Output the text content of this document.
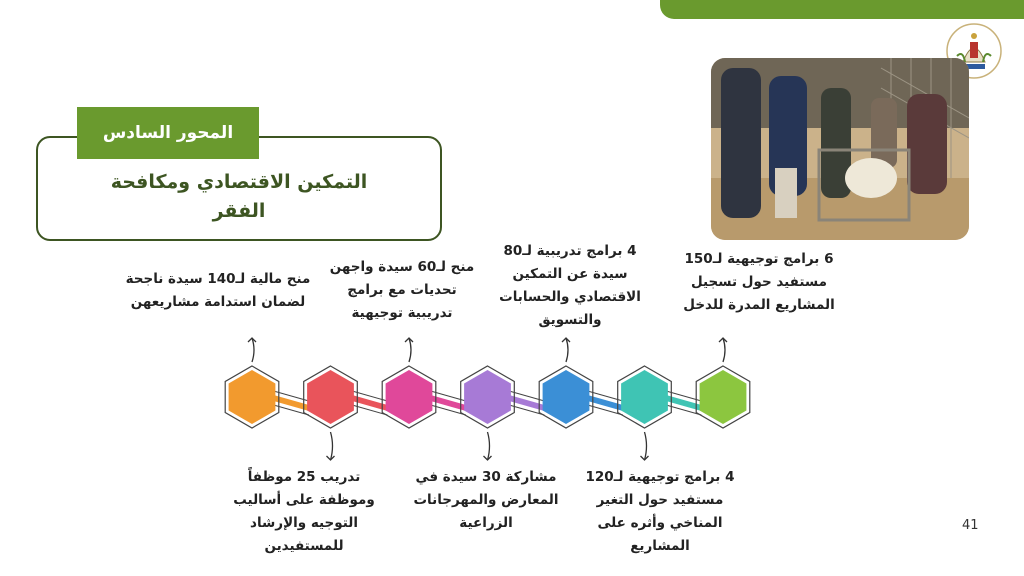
التمكين الاقتصادي ومكافحة
الفقر
المحور السادس
منح مالية لـ140 سيدة ناجحة
لضمان استدامة مشاريعهن
تدريب 25 موظفاً
وموظفة على أساليب
التوجيه والإرشاد
للمستفيدين
منح لـ60 سيدة واجهن
تحديات مع برامج
تدريبية توجيهية
مشاركة 30 سيدة في
المعارض والمهرجانات
الزراعية
4 برامج تدريبية لـ80
سيدة عن التمكين
الاقتصادي والحسابات
والتسويق
4 برامج توجيهية لـ120
مستفيد حول التغير
المناخي وأثره على
المشاريع
6 برامج توجيهية لـ150
مستفيد حول تسجيل
المشاريع المدرة للدخل
41
